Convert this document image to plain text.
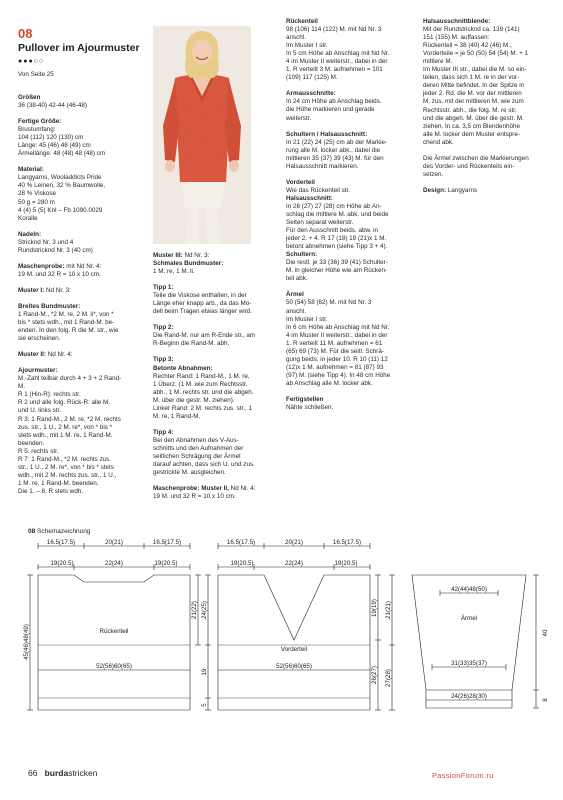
08
Pullover im Ajourmuster
●●●○○

Von Seite 25

Größen
36 (38-40) 42-44 (46-48)

Fertige Größe:
Brustumfang:
104 (112) 120 (130) cm
Länge: 45 (46) 48 (49) cm
Ärmellänge: 48 (48) 48 (48) cm

Material:
Langyarns, Wooladdicts Pride
40 % Leinen, 32 % Baumwolle,
28 % Viskose
50 g = 280 m
4 (4) 5 (5) Knl – Fb 1090.0029
Koralle

Nadeln:
Stricknd Nr. 3 und 4
Rundstricknd Nr. 3 (40 cm)

Maschenprobe: mit Nd Nr. 4:
19 M. und 32 R = 10 x 10 cm.

Muster I: Nd Nr. 3:

Breites Bundmuster:
1 Rand-M., *2 M. re, 2 M. li*, von *
bis * stets wdh., mit 1 Rand-M. be-
enden. In den folg. R die M. str., wie
sie erscheinen.

Muster II: Nd Nr. 4:

Ajourmuster:
M.-Zahl teilbar durch 4 + 3 + 2 Rand-
M.
R 1 (Hin-R): rechts str.
R 2 und alle folg. Rück-R: alle M.
und U. links str.
R 3: 1 Rand-M., 2 M. re, *2 M. rechts
zus. str., 1 U., 2 M. re*, von * bis *
stets wdh., mit 1 M. re, 1 Rand-M.
beenden.
R 5: rechts str.
R 7: 1 Rand-M., *2 M. rechts zus.
str., 1 U., 2 M. re*, von * bis * stets
wdh., mit 2 M. rechts zus. str., 1 U.,
1 M. re, 1 Rand-M. beenden.
Die 1. – 8. R stets wdh.

Muster III: Nd Nr. 3:

Schmales Bundmuster:
1 M. re, 1 M. li.

Tipp 1:
Teile die Viskose enthalten, in der
Länge eher knapp arb., da das Mo-
dell beim Tragen etwas länger wird.

Tipp 2:
Die Rand-M. nur am R-Ende str., am
R-Beginn die Rand-M. abh.

Tipp 3:

Betonte Abnahmen:
Rechter Rand: 1 Rand-M., 1 M. re,
1 Überz. (1 M. wie zum Rechtsstr.
abh., 1 M. rechts str. und die abgeh.
M. über die gestr. M. ziehen).
Linker Rand: 2 M. rechts zus. str., 1
M. re, 1 Rand-M.

Tipp 4:
Bei den Abnahmen des V-Aus-
schnitts und den Aufnahmen der
seitlichen Schrägung der Ärmel
darauf achten, dass sich U. und zus.
gestrickte M. ausgleichen.

Maschenprobe: Muster II, Nd Nr. 4:
19 M. und 32 R = 10 x 10 cm.

Rückenteil
98 (106) 114 (122) M. mit Nd Nr. 3
anschl.
Im Muster I str.
In 5 cm Höhe ab Anschlag mit Nd Nr.
4 im Muster II weiterstr., dabei in der
1. R verteilt 3 M. aufnehmen = 101
(109) 117 (125) M.

Armausschnitte:
In 24 cm Höhe ab Anschlag beids.
die Höhe markieren und gerade
weiterstr.

Schultern / Halsausschnitt:
In 21 (22) 24 (25) cm ab der Markie-
rung alle M. locker abk., dabei die
mittleren 35 (37) 39 (43) M. für den
Halsausschnitt markieren.

Vorderteil
Wie das Rückenteil str.

Halsausschnitt:
In 26 (27) 27 (28) cm Höhe ab An-
schlag die mittlere M. abk. und beide
Seiten separat weiterstr.
Für den Ausschnitt beids. abw. in
jeder 2. + 4. R 17 (18) 19 (21)x 1 M.
betont abnehmen (siehe Tipp 3 + 4).

Schultern:
Die restl. je 33 (36) 39 (41) Schulter-
M. in gleicher Höhe wie am Rücken-
teil abk.

Ärmel
50 (54) 58 (62) M. mit Nd Nr. 3
anschl.
Im Muster I str.
In 6 cm Höhe ab Anschlag mit Nd Nr.
4 im Muster II weiterstr., dabei in der
1. R verteilt 11 M. aufnehmen = 61
(65) 69 (73) M. Für die seitl. Schrä-
gung beids. in jeder 10. R 10 (11) 12
(12)x 1 M. aufnehmen = 81 (87) 93
(97) M. (siehe Tipp 4). In 48 cm Höhe
ab Anschlag alle M. locker abk.

Fertigstellen
Nähte schließen.

Halsausschnittblende:
Mit der Rundstricknd ca. 139 (141)
151 (155) M. auffassen:
Rückenteil = 38 (40) 42 (46) M.,
Vorderteile = je 50 (50) 54 (54) M. + 1
mittlere M.
Im Muster III str., dabei die M. so ein-
teilen, dass sich 1 M. re in der vor-
deren Mitte befindet. In der Spitze in
jeder 2. Rd. die M. vor der mittleren
M. zus. mit der mittleren M. wie zum
Rechtsstr. abh., die folg. M. re str.
und die abgeh. M. über die gestr. M.
ziehen. In ca. 3,5 cm Blendenhöhe
alle M. locker dem Muster entspre-
chend abk.

Die Ärmel zwischen die Markierungen
des Vorder- und Rückenteils ein-
setzen.

Design: Langyarns

08 Schemazeichnung
16.5(17.5)	20(21)	16.5(17.5)
19(20.5)	22(24)	19(20.5)
Rückenteil
52(56)60(65)
45(46)48(49)
21(22) 24(25)
19
5
16.5(17.5)	20(21)	16.5(17.5)
19(20.5)	22(24)	19(20.5)
Vorderteil
52(56)60(65)
19(19) 21(21)
26(27) 27(28)
42(44)48(50)
Ärmel
31(33)35(37)
24(26)28(30)
40
8
66 burdastricken	PassionForum.ru
